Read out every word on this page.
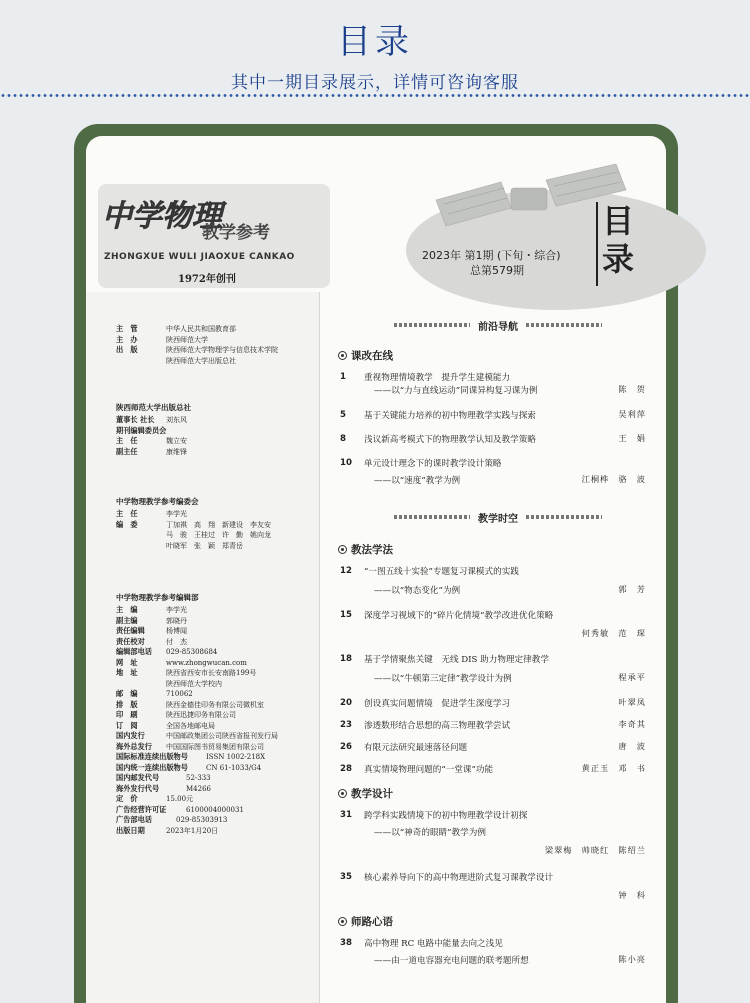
目录
其中一期目录展示，详情可咨询客服
中学物理
教学参考
ZHONGXUE WULI JIAOXUE CANKAO
1972年创刊
2023年 第1期 (下旬・综合)
总第579期
目
录
主　管	中华人民共和国教育部
主　办	陕西师范大学
出　版	陕西师范大学物理学与信息技术学院
陕西师范大学出版总社
陕西师范大学出版总社
董事长 社长	刘东风
期刊编辑委员会
主　任	魏立安
副主任	康维锋
中学物理教学参考编委会
主　任	李学光
编　委	丁加祺　高　翔　新建设　李友安
马　骏　王桂过　许　勤　姚向龙
叶晓军　张　颖　郑青岳
中学物理教学参考编辑部
主　编	李学光
副主编	郭晓丹
责任编辑	杨博闻
责任校对	付　杰
编辑部电话	029-85308684
网　址	www.zhongwucan.com
地　址	陕西省西安市长安南路199号
陕西师范大学校内
邮　编	710062
排　版	陕西金德佳印务有限公司微机室
印　刷	陕西迅捷印务有限公司
订　阅	全国各地邮电局
国内发行	中国邮政集团公司陕西省报刊发行局
海外总发行	中国国际图书贸易集团有限公司
国际标准连续出版物号	ISSN 1002-218X
国内统一连续出版物号	CN 61-1033/G4
国内邮发代号	52-333
海外发行代号	M4266
定　价	15.00元
广告经营许可证	6100004000031
广告部电话	029-85303913
出版日期	2023年1月20日
前沿导航
课改在线
1	重视物理情境教学　提升学生建模能力
——以“力与直线运动”同课异构复习课为例	陈　贺
5	基于关键能力培养的初中物理教学实践与探索	吴利萍
8	浅议新高考模式下的物理教学认知及教学策略	王　娟
10	单元设计理念下的课时教学设计策略
——以“速度”教学为例	江桐桦　骆　波
教学时空
教法学法
12	“一图五线十实验”专题复习课模式的实践
——以“物态变化”为例	郭　芳
15	深度学习视域下的“碎片化情境”教学改进优化策略
何秀敏　范　琛
18	基于学情聚焦关键　无线 DIS 助力物理定律教学
——以“牛顿第三定律”教学设计为例	程承平
20	创设真实问题情境　促进学生深度学习	叶翠凤
23	渗透数形结合思想的高三物理教学尝试	李奇其
26	有限元法研究最速落径问题	唐　波
28	真实情境物理问题的“一堂课”功能	黄正玉　邓　书
教学设计
31	跨学科实践情境下的初中物理教学设计初探
——以“神奇的眼睛”教学为例
梁翠梅　帅晓红　陈绍兰
35	核心素养导向下的高中物理进阶式复习课教学设计
钟　科
师路心语
38	高中物理 RC 电路中能量去向之浅见
——由一道电容器充电问题的联考题所想	陈小亮
